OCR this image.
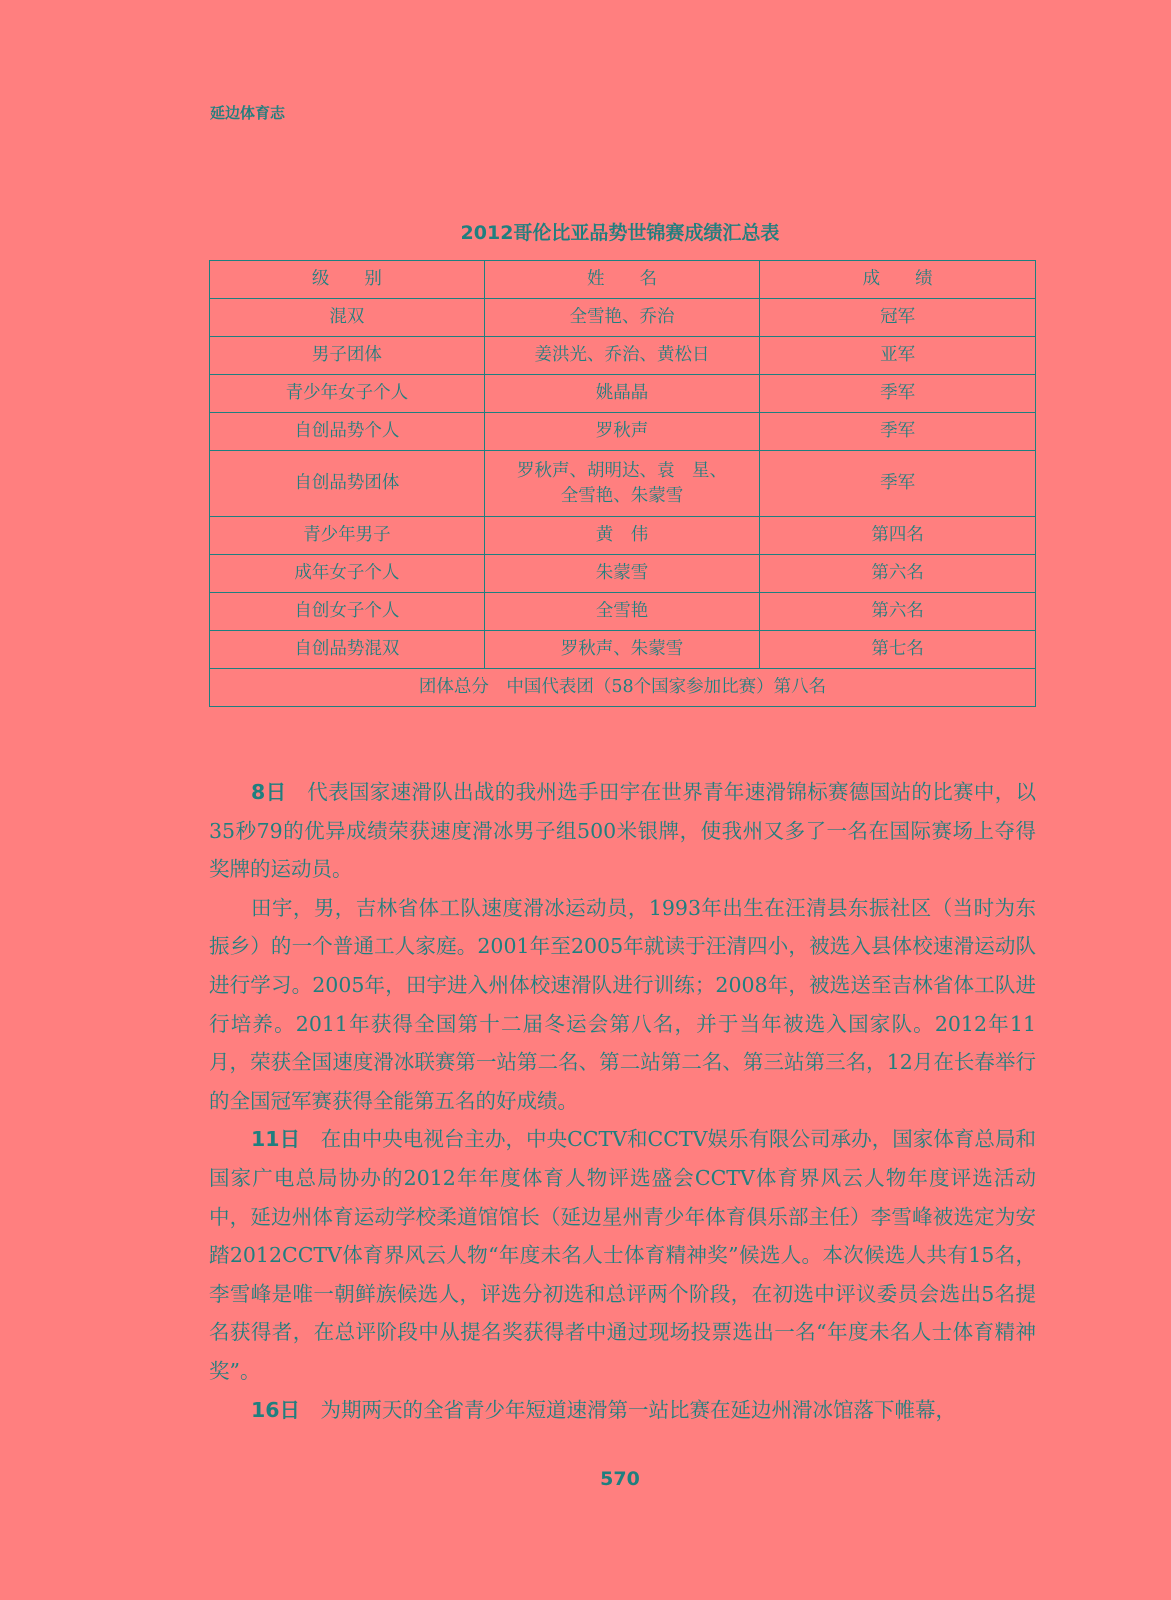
延边体育志
2012哥伦比亚品势世锦赛成绩汇总表
级　　别	姓　　名	成　　绩
混双	全雪艳、乔治	冠军
男子团体	姜洪光、乔治、黄松日	亚军
青少年女子个人	姚晶晶	季军
自创品势个人	罗秋声	季军
自创品势团体	罗秋声、胡明达、袁　星、
全雪艳、朱蒙雪	季军
青少年男子	黄　伟	第四名
成年女子个人	朱蒙雪	第六名
自创女子个人	全雪艳	第六名
自创品势混双	罗秋声、朱蒙雪	第七名
团体总分　中国代表团（58个国家参加比赛）第八名		

8日　 代表国家速滑队出战的我州选手田宇在世界青年速滑锦标赛德国站的比赛中，以35秒79的优异成绩荣获速度滑冰男子组500米银牌，使我州又多了一名在国际赛场上夺得奖牌的运动员。

田宇，男，吉林省体工队速度滑冰运动员，1993年出生在汪清县东振社区（当时为东振乡）的一个普通工人家庭。2001年至2005年就读于汪清四小，被选入县体校速滑运动队进行学习。2005年，田宇进入州体校速滑队进行训练；2008年，被选送至吉林省体工队进行培养。2011年获得全国第十二届冬运会第八名，并于当年被选入国家队。2012年11月，荣获全国速度滑冰联赛第一站第二名、第二站第二名、第三站第三名，12月在长春举行的全国冠军赛获得全能第五名的好成绩。

11日　 在由中央电视台主办，中央CCTV和CCTV娱乐有限公司承办，国家体育总局和国家广电总局协办的2012年年度体育人物评选盛会CCTV体育界风云人物年度评选活动中，延边州体育运动学校柔道馆馆长（延边星州青少年体育俱乐部主任）李雪峰被选定为安踏2012CCTV体育界风云人物“年度未名人士体育精神奖”候选人。本次候选人共有15名，李雪峰是唯一朝鲜族候选人，评选分初选和总评两个阶段，在初选中评议委员会选出5名提名获得者，在总评阶段中从提名奖获得者中通过现场投票选出一名“年度未名人士体育精神奖”。

16日　 为期两天的全省青少年短道速滑第一站比赛在延边州滑冰馆落下帷幕，

570
